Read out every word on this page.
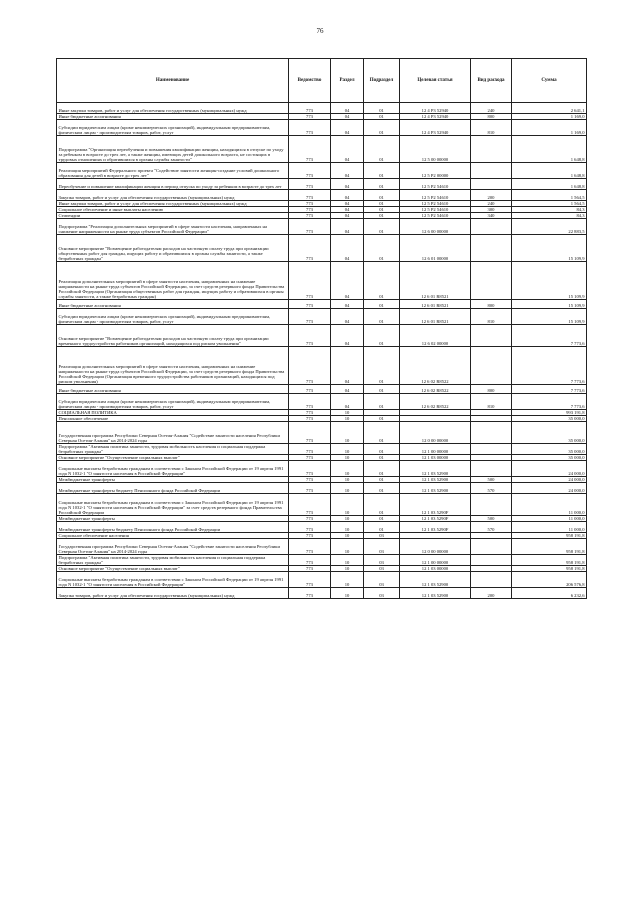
76
Наименование	Ведомство	Раздел	Подраздел	Целевая статья	Вид расхода	Сумма
Иные закупки товаров, работ и услуг для обеспечения государственных (муниципальных) нужд	773	04	01	12 4 P3 52940	240	2 641,1
Иные бюджетные ассигнования	773	04	01	12 4 P3 52940	800	1 169,0
Субсидии юридическим лицам (кроме некоммерческих организаций), индивидуальным предпринимателям, физическим лицам - производителям товаров, работ, услуг	773	04	01	12 4 P3 52940	810	1 169,0
Подпрограмма "Организация переобучения и повышения квалификации женщин, находящихся в отпуске по уходу за ребенком в возрасте до трех лет, а также женщин, имеющих детей дошкольного возраста, не состоящих в трудовых отношениях и обратившихся в органы службы занятости"	773	04	01	12 5 00 00000		1 648,8
Реализация мероприятий Федерального проекта "Содействие занятости женщин-создание условий дошкольного образования для детей в возрасте до трех лет"	773	04	01	12 5 P2 00000		1 648,8
Переобучение и повышение квалификации женщин в период отпуска по уходу за ребенком в возрасте до трех лет	773	04	01	12 5 P2 54610		1 648,8
Закупка товаров, работ и услуг для обеспечения государственных (муниципальных) нужд	773	04	01	12 5 P2 54610	200	1 564,5
Иные закупки товаров, работ и услуг для обеспечения государственных (муниципальных) нужд	773	04	01	12 5 P2 54610	240	1 564,5
Социальное обеспечение и иные выплаты населению	773	04	01	12 5 P2 54610	300	84,3
Стипендии	773	04	01	12 5 P2 54610	340	84,3
Подпрограмма "Реализация дополнительных мероприятий в сфере занятости населения, направленных на снижение напряженности на рынке труда субъектов Российской Федерации"	773	04	01	12 6 00 00000		22 883,5
Основное мероприятие "Возмещение работодателям расходов на частичную оплату труда при организации общественных работ для граждан, ищущих работу и обратившихся в органы службы занятости, а также безработных граждан"	773	04	01	12 6 01 00000		15 109,9
Реализация дополнительных мероприятий в сфере занятости населения, направленных на снижение напряженности на рынке труда субъектов Российской Федерации, за счет средств резервного фонда Правительства Российской Федерации (Организация общественных работ для граждан, ищущих работу и обратившихся в органы службы занятости, а также безработных граждан)	773	04	01	12 6 01 R8521		15 109,9
Иные бюджетные ассигнования	773	04	01	12 6 01 R8521	800	15 109,9
Субсидии юридическим лицам (кроме некоммерческих организаций), индивидуальным предпринимателям, физическим лицам - производителям товаров, работ, услуг	773	04	01	12 6 01 R8521	810	15 109,9
Основное мероприятие "Возмещение работодателям расходов на частичную оплату труда при организации временного трудоустройства работников организаций, находящихся под риском увольнения"	773	04	01	12 6 02 00000		7 773,6
Реализация дополнительных мероприятий в сфере занятости населения, направленных на снижение напряженности на рынке труда субъектов Российской Федерации, за счет средств резервного фонда Правительства Российской Федерации (Организация временного трудоустройства работников организаций, находящихся под риском увольнения)	773	04	01	12 6 02 R8522		7 773,6
Иные бюджетные ассигнования	773	04	01	12 6 02 R8522	800	7 773,6
Субсидии юридическим лицам (кроме некоммерческих организаций), индивидуальным предпринимателям, физическим лицам - производителям товаров, работ, услуг	773	04	01	12 6 02 R8522	810	7 773,6
СОЦИАЛЬНАЯ ПОЛИТИКА	773	10				993 191,8
Пенсионное обеспечение	773	10	01			35 000,0
Государственная программа Республики Северная Осетия-Алания "Содействие занятости населения Республики Северная Осетия-Алания" на 2014-2024 годы	773	10	01	12 0 00 00000		35 000,0
Подпрограмма "Активная политика занятости, трудовая мобильность населения и социальная поддержка безработных граждан"	773	10	01	12 1 00 00000		35 000,0
Основное мероприятие "Осуществление социальных выплат"	773	10	01	12 1 03 00000		35 000,0
Социальные выплаты безработным гражданам в соответствии с Законом Российской Федерации от 19 апреля 1991 года N 1032-1 "О занятости населения в Российской Федерации"	773	10	01	12 1 03 52900		24 000,0
Межбюджетные трансферты	773	10	01	12 1 03 52900	500	24 000,0
Межбюджетные трансферты бюджету Пенсионного фонда Российской Федерации	773	10	01	12 1 03 52900	570	24 000,0
Социальные выплаты безработным гражданам в соответствии с Законом Российской Федерации от 19 апреля 1991 года N 1032-1 "О занятости населения в Российской Федерации" за счет средств резервного фонда Правительства Российской Федерации	773	10	01	12 1 03 5290F		11 000,0
Межбюджетные трансферты	773	10	01	12 1 03 5290F	500	11 000,0
Межбюджетные трансферты бюджету Пенсионного фонда Российской Федерации	773	10	01	12 1 03 5290F	570	11 000,0
Социальное обеспечение населения	773	10	03			958 191,8
Государственная программа Республики Северная Осетия-Алания "Содействие занятости населения Республики Северная Осетия-Алания" на 2014-2024 годы	773	10	03	12 0 00 00000		958 191,8
Подпрограмма "Активная политика занятости, трудовая мобильность населения и социальная поддержка безработных граждан"	773	10	03	12 1 00 00000		958 191,8
Основное мероприятие "Осуществление социальных выплат"	773	10	03	12 1 03 00000		958 191,8
Социальные выплаты безработным гражданам в соответствии с Законом Российской Федерации от 19 апреля 1991 года N 1032-1 "О занятости населения в Российской Федерации"	773	10	03	12 1 03 52900		206 576,8
Закупка товаров, работ и услуг для обеспечения государственных (муниципальных) нужд	773	10	03	12 1 03 52900	200	6 232,6
